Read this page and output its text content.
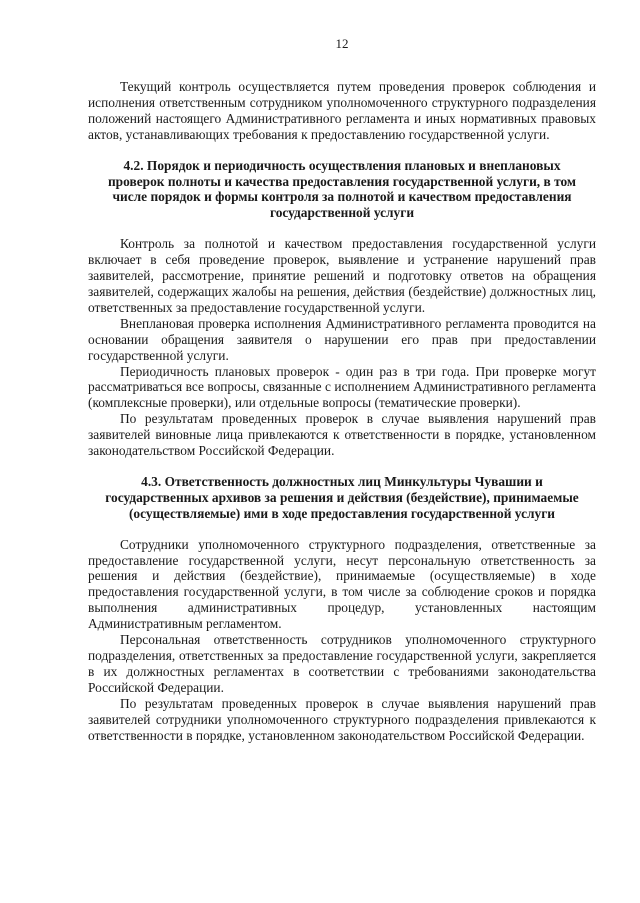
12

Текущий контроль осуществляется путем проведения проверок соблюдения и исполнения ответственным сотрудником уполномоченного структурного подразделения положений настоящего Административного регламента и иных нормативных правовых актов, устанавливающих требования к предоставлению государственной услуги.

4.2. Порядок и периодичность осуществления плановых и внеплановых проверок полноты и качества предоставления государственной услуги, в том числе порядок и формы контроля за полнотой и качеством предоставления государственной услуги

Контроль за полнотой и качеством предоставления государственной услуги включает в себя проведение проверок, выявление и устранение нарушений прав заявителей, рассмотрение, принятие решений и подготовку ответов на обращения заявителей, содержащих жалобы на решения, действия (бездействие) должностных лиц, ответственных за предоставление государственной услуги.

Внеплановая проверка исполнения Административного регламента проводится на основании обращения заявителя о нарушении его прав при предоставлении государственной услуги.

Периодичность плановых проверок - один раз в три года. При проверке могут рассматриваться все вопросы, связанные с исполнением Административного регламента (комплексные проверки), или отдельные вопросы (тематические проверки).

По результатам проведенных проверок в случае выявления нарушений прав заявителей виновные лица привлекаются к ответственности в порядке, установленном законодательством Российской Федерации.

4.3. Ответственность должностных лиц Минкультуры Чувашии и государственных архивов за решения и действия (бездействие), принимаемые (осуществляемые) ими в ходе предоставления государственной услуги

Сотрудники уполномоченного структурного подразделения, ответственные за предоставление государственной услуги, несут персональную ответственность за решения и действия (бездействие), принимаемые (осуществляемые) в ходе предоставления государственной услуги, в том числе за соблюдение сроков и порядка выполнения административных процедур, установленных настоящим Административным регламентом.

Персональная ответственность сотрудников уполномоченного структурного подразделения, ответственных за предоставление государственной услуги, закрепляется в их должностных регламентах в соответствии с требованиями законодательства Российской Федерации.

По результатам проведенных проверок в случае выявления нарушений прав заявителей сотрудники уполномоченного структурного подразделения привлекаются к ответственности в порядке, установленном законодательством Российской Федерации.
